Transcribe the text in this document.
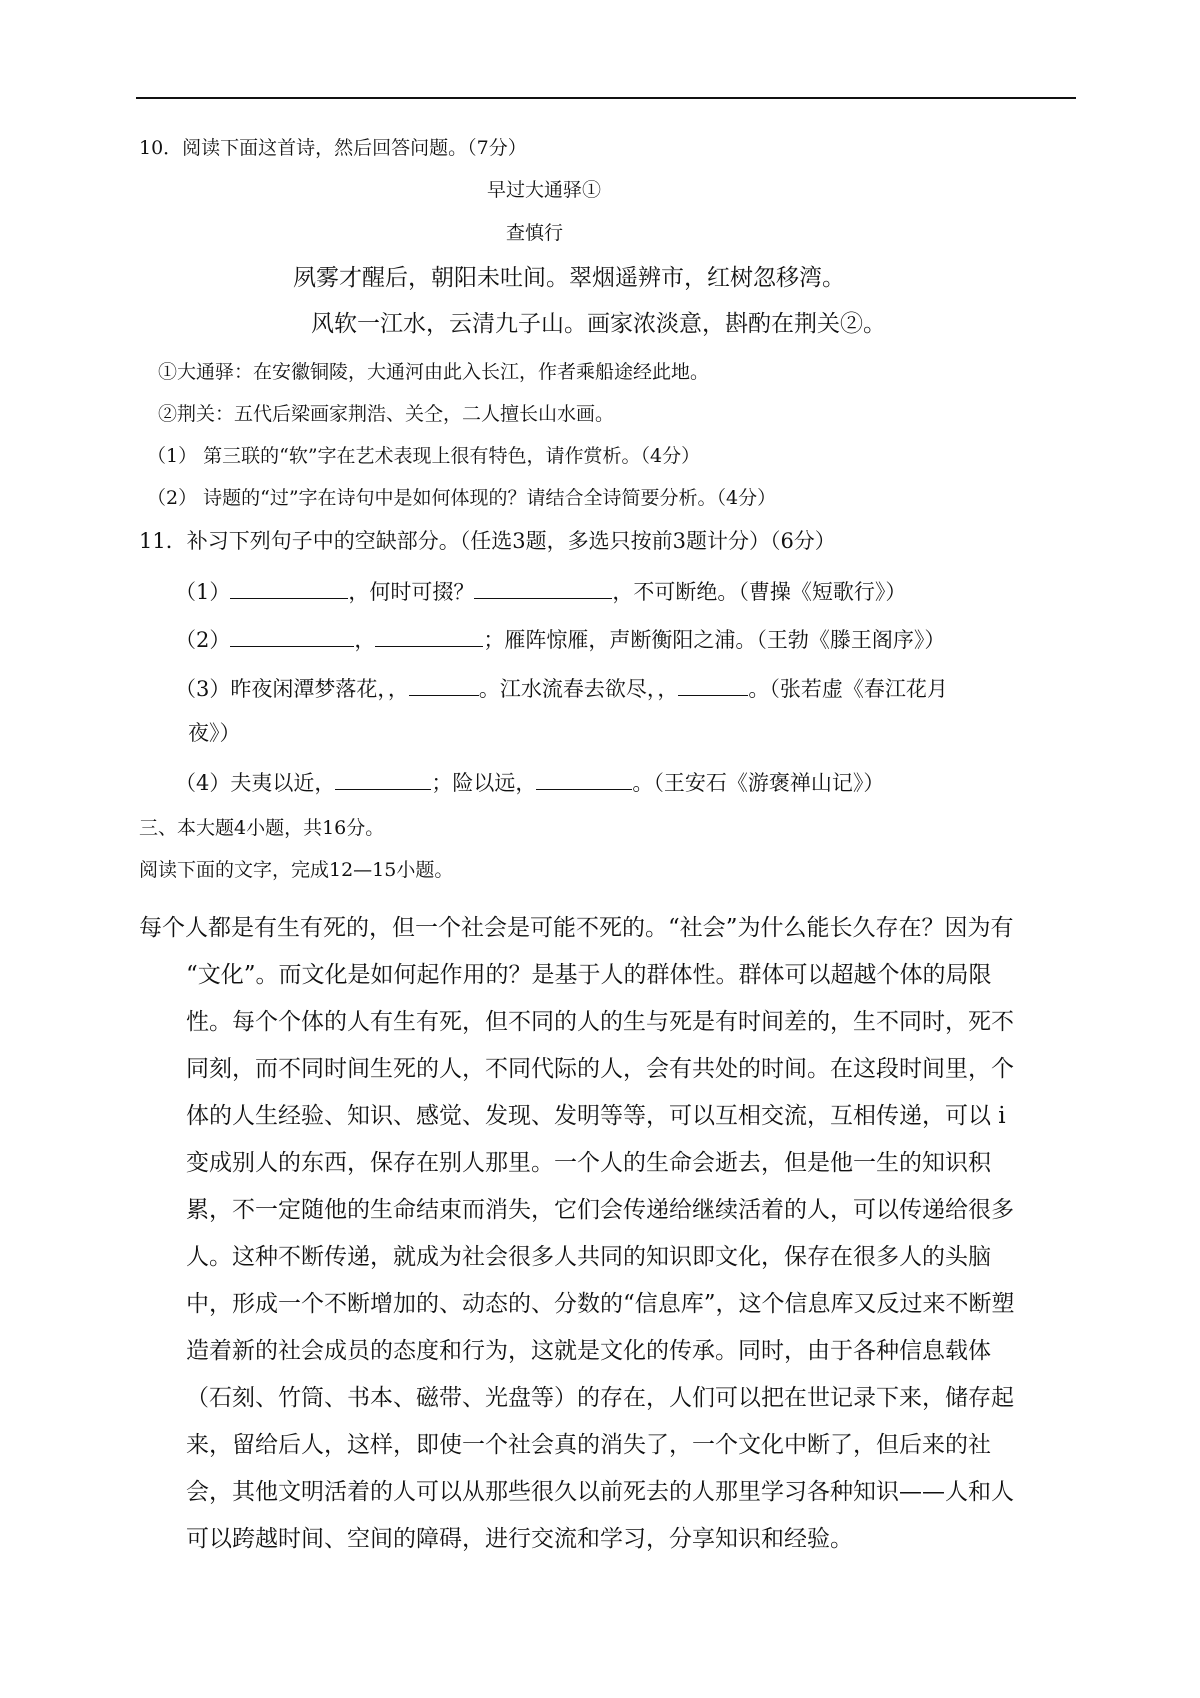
10．阅读下面这首诗，然后回答问题。（7分）
早过大通驿①
查慎行
夙雾才醒后，朝阳未吐间。翠烟遥辨市，红树忽移湾。
风软一江水，云清九子山。画家浓淡意，斟酌在荆关②。
①大通驿：在安徽铜陵，大通河由此入长江，作者乘船途经此地。
②荆关：五代后梁画家荆浩、关仝，二人擅长山水画。
（1） 第三联的“软”字在艺术表现上很有特色，请作赏析。（4分）
（2） 诗题的“过”字在诗句中是如何体现的？请结合全诗简要分析。（4分）
11．补习下列句子中的空缺部分。（任选3题，多选只按前3题计分）（6分）
（1）	，何时可掇？	，不可断绝。（曹操《短歌行》）
（2）	，	；雁阵惊雁，声断衡阳之浦。（王勃《滕王阁序》）
（3）昨夜闲潭梦落花，，	。江水流春去欲尽，，	。（张若虚《春江花月
夜》）
（4）夫夷以近，	；险以远，	。（王安石《游褒禅山记》）
三、本大题4小题，共16分。
阅读下面的文字，完成12—15小题。

每个人都是有生有死的，但一个社会是可能不死的。“社会”为什么能长久存在？因为有

“文化”。而文化是如何起作用的？是基于人的群体性。群体可以超越个体的局限

性。每个个体的人有生有死，但不同的人的生与死是有时间差的，生不同时，死不

同刻，而不同时间生死的人，不同代际的人，会有共处的时间。在这段时间里，个

体的人生经验、知识、感觉、发现、发明等等，可以互相交流，互相传递，可以 i

变成别人的东西，保存在别人那里。一个人的生命会逝去，但是他一生的知识积

累，不一定随他的生命结束而消失，它们会传递给继续活着的人，可以传递给很多

人。这种不断传递，就成为社会很多人共同的知识即文化，保存在很多人的头脑

中，形成一个不断增加的、动态的、分数的“信息库”，这个信息库又反过来不断塑

造着新的社会成员的态度和行为，这就是文化的传承。同时，由于各种信息载体

（石刻、竹筒、书本、磁带、光盘等）的存在，人们可以把在世记录下来，储存起

来，留给后人，这样，即使一个社会真的消失了，一个文化中断了，但后来的社

会，其他文明活着的人可以从那些很久以前死去的人那里学习各种知识——人和人

可以跨越时间、空间的障碍，进行交流和学习，分享知识和经验。
